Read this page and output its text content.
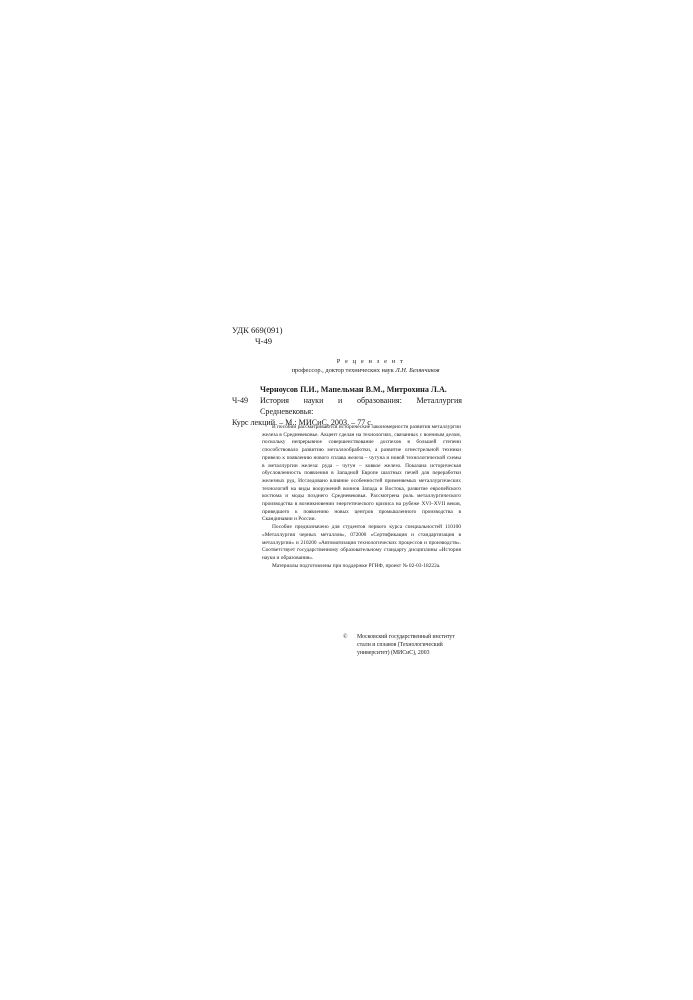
УДК 669(091)
Ч-49
Р е ц е н з е н т
профессор., доктор технических наук Л.Н. Белянчиков
Ч-49
Черноусов П.И., Мапельман В.М., Митрохина Л.А.
История науки и образования: Металлургия Средневековья:
Курс лекций. – М.: МИСиС, 2003. – 77 с.

В пособии рассматриваются исторические закономерности развития металлургии железа в Средневековье. Акцент сделан на технологиях, связанных с военным делом, поскольку непрерывное совершенствование доспехов в большей степени способствовало развитию металлообработки, а развитие огнестрельной техники привело к появлению нового сплава железа – чугуна и новой технологической схемы в металлургии железа: руда – чугун – ковкое железо. Показана историческая обусловленность появления в Западной Европе шахтных печей для переработки железных руд. Исследовано влияние особенностей применяемых металлургических технологий на виды вооружений воинов Запада и Востока, развитие европейского костюма и моды позднего Средневековья. Рассмотрена роль металлургического производства в возникновении энергетического кризиса на рубеже XVI–XVII веков, приведшего к появлению новых центров промышленного производства в Скандинавии и России.

Пособие предназначено для студентов первого курса специальностей 110100 «Металлургия черных металлов», 072000 «Сертификация и стандартизация в металлургии» и 210200 «Автоматизация технологических процессов и производств». Соответствует государственному образовательному стандарту дисциплины «История науки и образования».

Материалы подготовлены при поддержке РГНФ, проект № 02-03-18222а.

© Московский государственный институт
стали и сплавов (Технологический
университет) (МИСиС), 2003
